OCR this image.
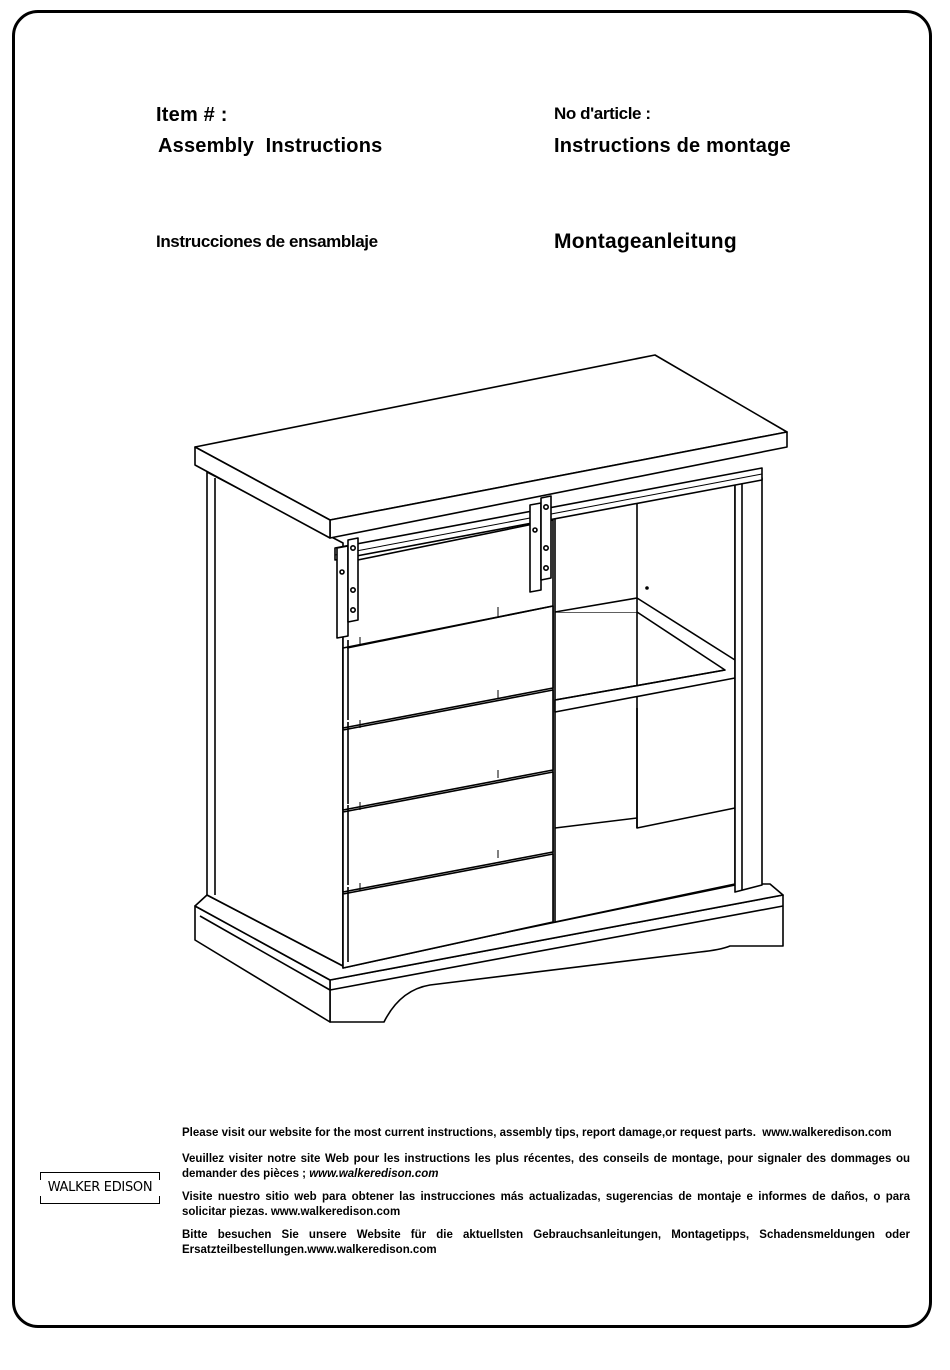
Item # :
Assembly  Instructions
No d'article :
Instructions de montage
Instrucciones de ensamblaje	Montageanleitung

Please visit our website for the most current instructions, assembly tips, report damage,or request parts. www.walkeredison.com

Veuillez visiter notre site Web pour les instructions les plus récentes, des conseils de montage, pour signaler des dommages ou demander des pièces ; www.walkeredison.com

Visite nuestro sitio web para obtener las instrucciones más actualizadas, sugerencias de montaje e informes de daños, o para solicitar piezas. www.walkeredison.com

Bitte besuchen Sie unsere Website für die aktuellsten Gebrauchsanleitungen, Montagetipps, Schadensmeldungen oder Ersatzteilbestellungen.www.walkeredison.com

WALKER EDISON
